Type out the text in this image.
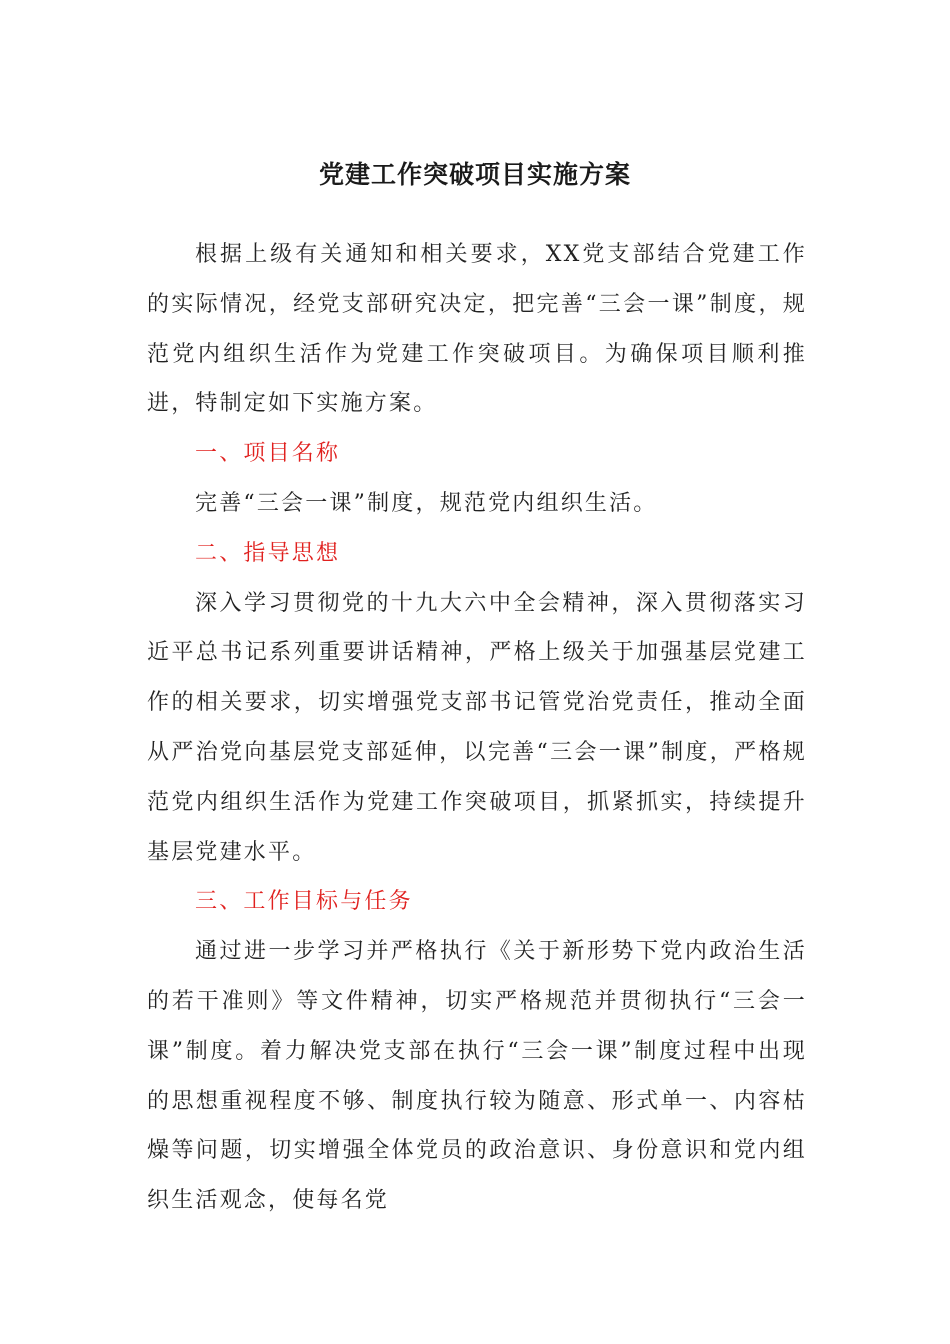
党建工作突破项目实施方案

根据上级有关通知和相关要求，XX党支部结合党建工作的实际情况，经党支部研究决定，把完善“三会一课”制度，规范党内组织生活作为党建工作突破项目。为确保项目顺利推进，特制定如下实施方案。

一、项目名称

完善“三会一课”制度，规范党内组织生活。

二、指导思想

深入学习贯彻党的十九大六中全会精神，深入贯彻落实习近平总书记系列重要讲话精神，严格上级关于加强基层党建工作的相关要求，切实增强党支部书记管党治党责任，推动全面从严治党向基层党支部延伸，以完善“三会一课”制度，严格规范党内组织生活作为党建工作突破项目，抓紧抓实，持续提升基层党建水平。

三、工作目标与任务

通过进一步学习并严格执行《关于新形势下党内政治生活的若干准则》等文件精神，切实严格规范并贯彻执行“三会一课”制度。着力解决党支部在执行“三会一课”制度过程中出现的思想重视程度不够、制度执行较为随意、形式单一、内容枯燥等问题，切实增强全体党员的政治意识、身份意识和党内组织生活观念，使每名党
